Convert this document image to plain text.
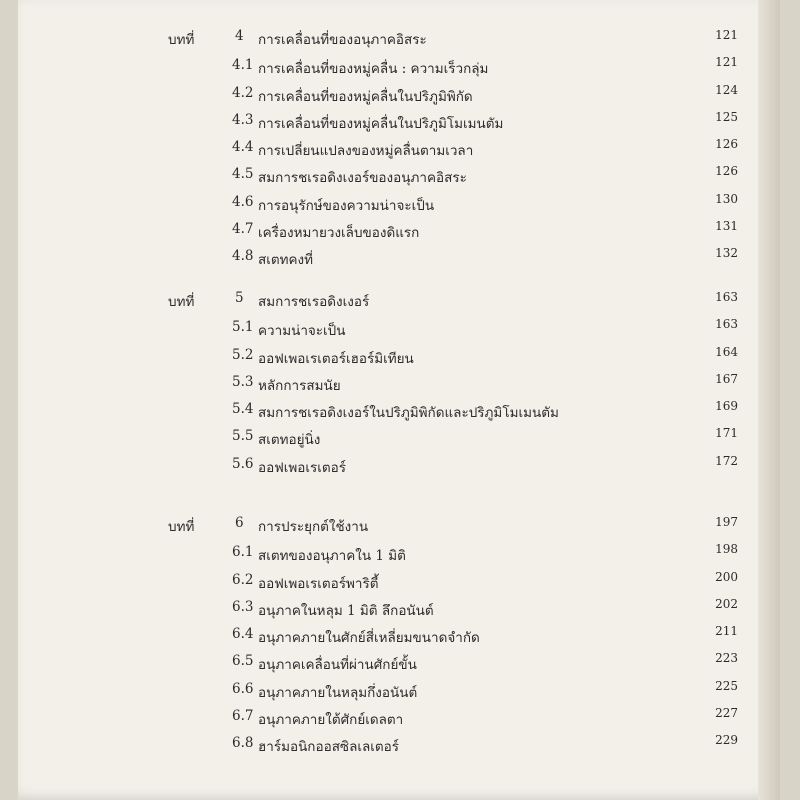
บทที่	4 การเคลื่อนที่ของอนุภาคอิสระ	121
4.1 การเคลื่อนที่ของหมู่คลื่น : ความเร็วกลุ่ม	121
4.2 การเคลื่อนที่ของหมู่คลื่นในปริภูมิพิกัด	124
4.3 การเคลื่อนที่ของหมู่คลื่นในปริภูมิโมเมนตัม	125
4.4 การเปลี่ยนแปลงของหมู่คลื่นตามเวลา	126
4.5 สมการชเรอดิงเงอร์ของอนุภาคอิสระ	126
4.6 การอนุรักษ์ของความน่าจะเป็น	130
4.7 เครื่องหมายวงเล็บของดิแรก	131
4.8 สเตทคงที่	132
บทที่	5 สมการชเรอดิงเงอร์	163
5.1 ความน่าจะเป็น	163
5.2 ออฟเพอเรเตอร์เฮอร์มิเทียน	164
5.3 หลักการสมนัย	167
5.4 สมการชเรอดิงเงอร์ในปริภูมิพิกัดและปริภูมิโมเมนตัม	169
5.5 สเตทอยู่นิ่ง	171
5.6 ออฟเพอเรเตอร์	172
บทที่	6 การประยุกต์ใช้งาน	197
6.1 สเตทของอนุภาคใน 1 มิติ	198
6.2 ออฟเพอเรเตอร์พาริตี้	200
6.3 อนุภาคในหลุม 1 มิติ ลึกอนันต์	202
6.4 อนุภาคภายในศักย์สี่เหลี่ยมขนาดจำกัด	211
6.5 อนุภาคเคลื่อนที่ผ่านศักย์ขั้น	223
6.6 อนุภาคภายในหลุมกึ่งอนันต์	225
6.7 อนุภาคภายใต้ศักย์เดลตา	227
6.8 ฮาร์มอนิกออสซิลเลเตอร์	229
